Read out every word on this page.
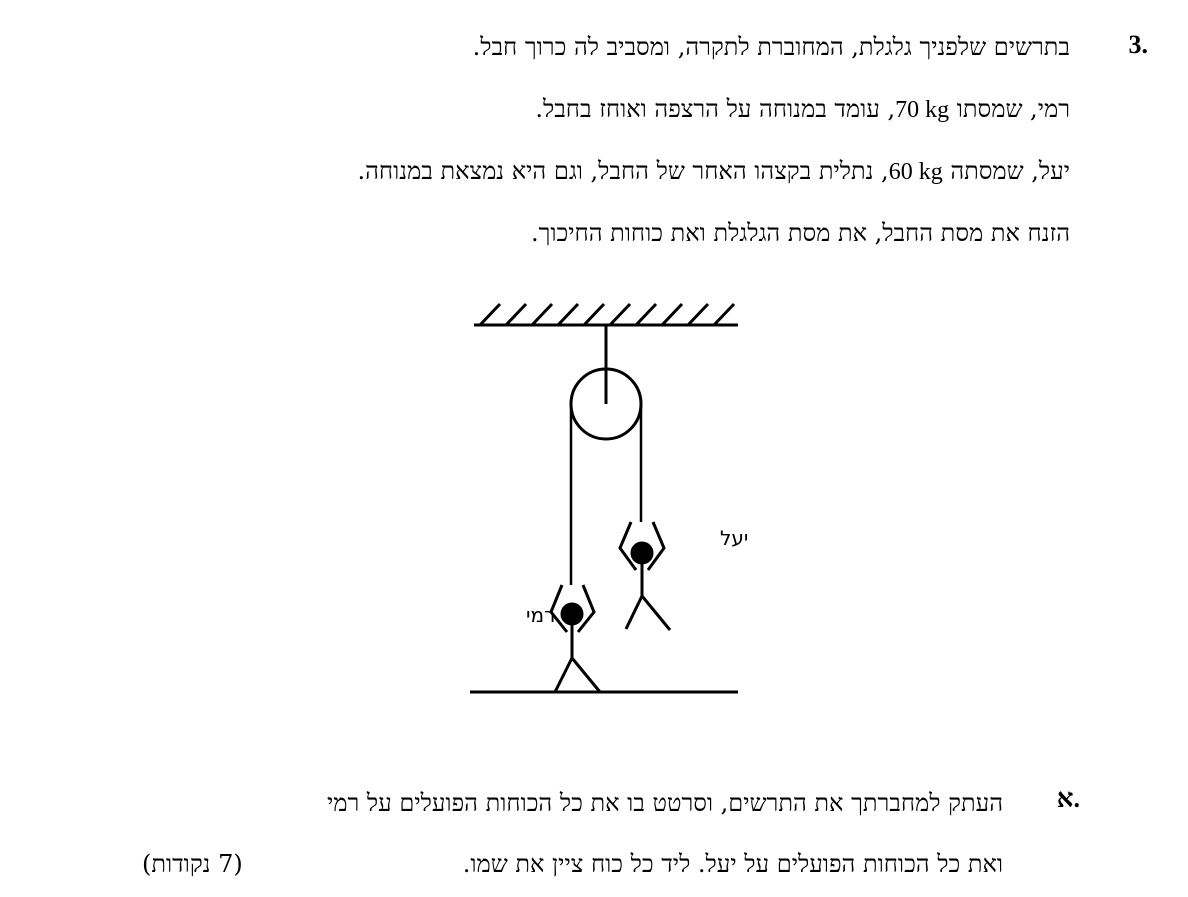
3.
בתרשים שלפניך גלגלת, המחוברת לתקרה, ומסביב לה כרוך חבל.
רמי, שמסתו 70 kg, עומד במנוחה על הרצפה ואוחז בחבל.
יעל, שמסתה 60 kg, נתלית בקצהו האחר של החבל, וגם היא נמצאת במנוחה.
הזנח את מסת החבל, את מסת הגלגלת ואת כוחות החיכוך.
יעל
רמי
א.
העתק למחברתך את התרשים, וסרטט בו את כל הכוחות הפועלים על רמי
ואת כל הכוחות הפועלים על יעל. ליד כל כוח ציין את שמו.
(7 נקודות)
